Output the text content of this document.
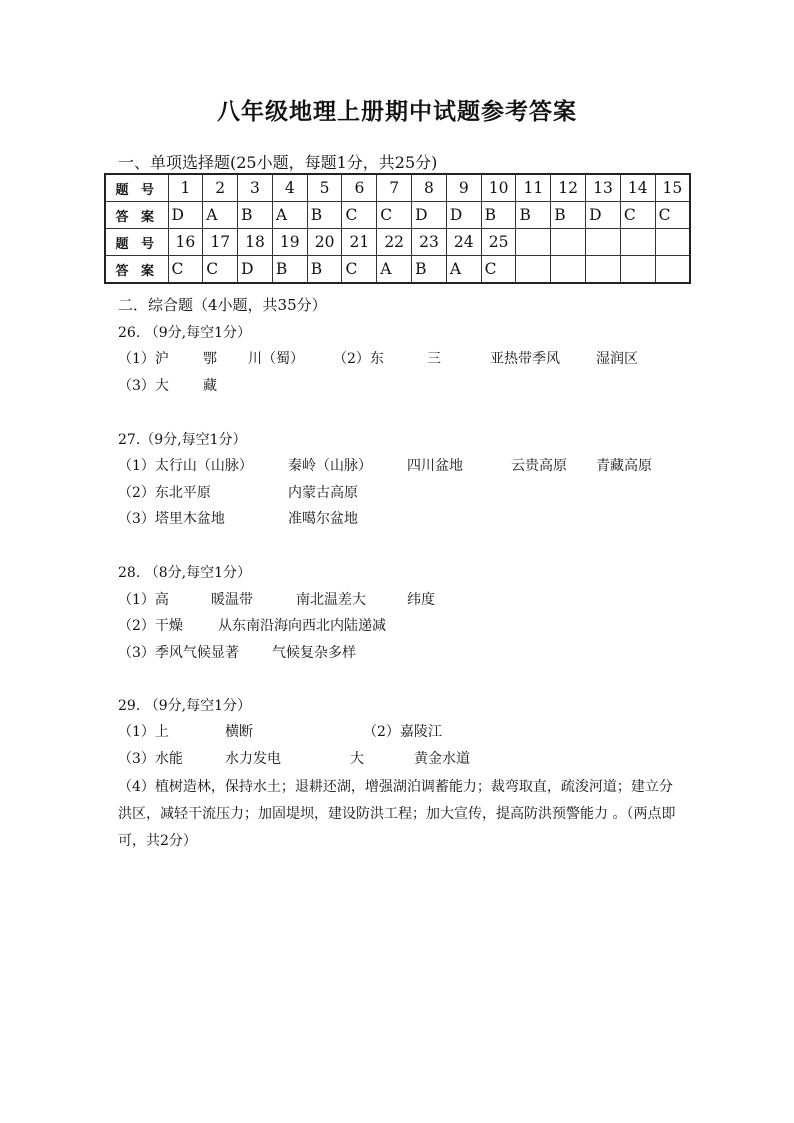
八年级地理上册期中试题参考答案
一、单项选择题(25小题，每题1分，共25分)
题 号	1	2	3	4	5	6	7	8	9	10	11	12	13	14	15
答 案	D	A	B	A	B	C	C	D	D	B	B	B	D	C	C
题 号	16	17	18	19	20	21	22	23	24	25					
答 案	C	C	D	B	B	C	A	B	A	C					
二．综合题（4小题，共35分）
26. （9分,每空1分）
（1）沪 鄂 川（蜀） （2）东	三	亚热带季风	湿润区
（3）大 藏
27.（9分,每空1分）
（1）太行山（山脉）	秦岭（山脉）	四川盆地	云贵高原 青藏高原
（2）东北平原	内蒙古高原
（3）塔里木盆地	准噶尔盆地
28. （8分,每空1分）
（1）高	暖温带	南北温差大	纬度
（2）干燥	从东南沿海向西北内陆递减
（3）季风气候显著 气候复杂多样
29. （9分,每空1分）
（1）上	横断	（2）嘉陵江
（3）水能	水力发电	大	黄金水道
（4）植树造林，保持水土；退耕还湖，增强湖泊调蓄能力；裁弯取直，疏浚河道；建立分洪区，减轻干流压力；加固堤坝，建设防洪工程；加大宣传，提高防洪预警能力 。（两点即可，共2分）
